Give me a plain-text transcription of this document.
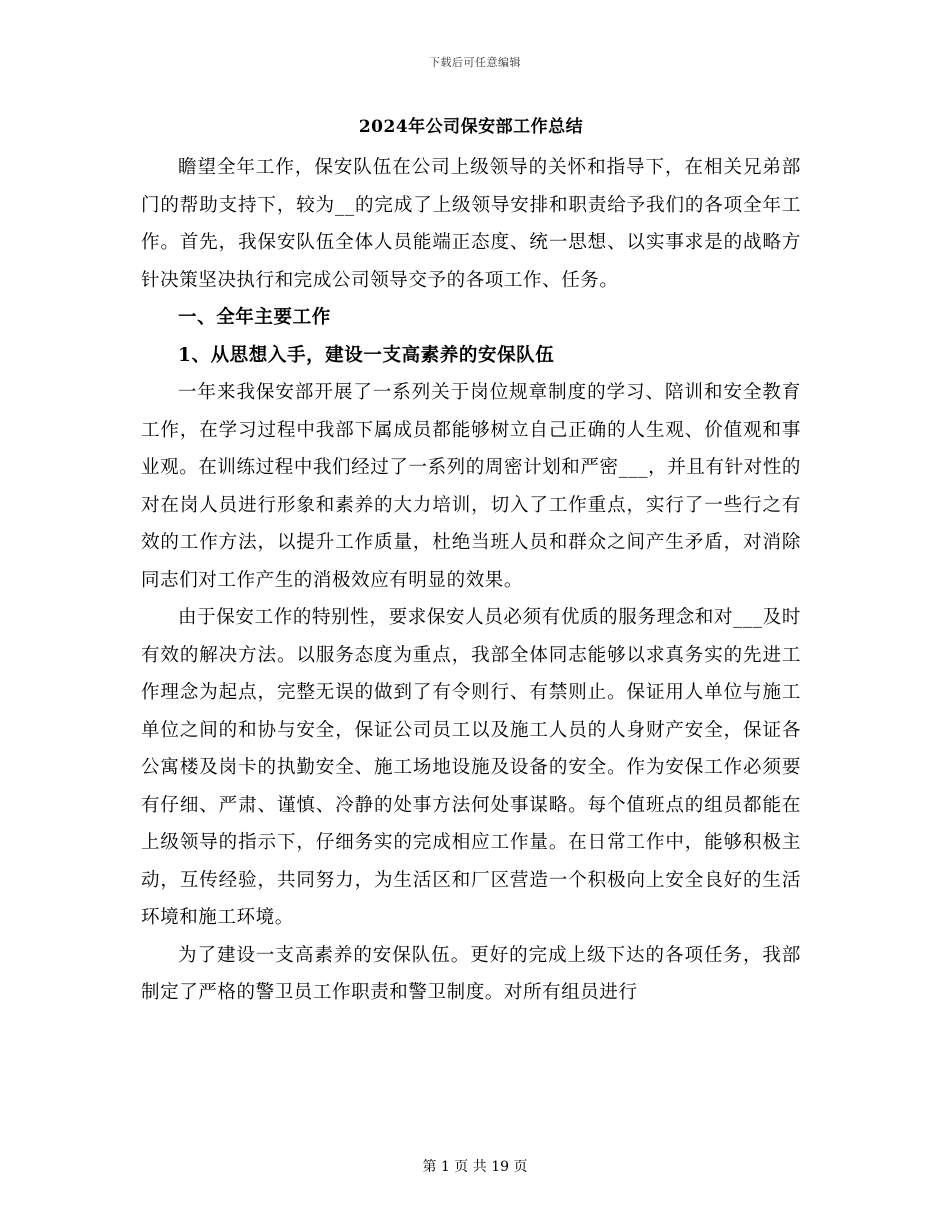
下载后可任意编辑
2024年公司保安部工作总结

瞻望全年工作，保安队伍在公司上级领导的关怀和指导下，在相关兄弟部门的帮助支持下，较为__的完成了上级领导安排和职责给予我们的各项全年工作。首先，我保安队伍全体人员能端正态度、统一思想、以实事求是的战略方针决策坚决执行和完成公司领导交予的各项工作、任务。

一、全年主要工作

1、从思想入手，建设一支高素养的安保队伍

一年来我保安部开展了一系列关于岗位规章制度的学习、陪训和安全教育工作，在学习过程中我部下属成员都能够树立自己正确的人生观、价值观和事业观。在训练过程中我们经过了一系列的周密计划和严密___，并且有针对性的对在岗人员进行形象和素养的大力培训，切入了工作重点，实行了一些行之有效的工作方法，以提升工作质量，杜绝当班人员和群众之间产生矛盾，对消除同志们对工作产生的消极效应有明显的效果。

由于保安工作的特别性，要求保安人员必须有优质的服务理念和对___及时有效的解决方法。以服务态度为重点，我部全体同志能够以求真务实的先进工作理念为起点，完整无误的做到了有令则行、有禁则止。保证用人单位与施工单位之间的和协与安全，保证公司员工以及施工人员的人身财产安全，保证各公寓楼及岗卡的执勤安全、施工场地设施及设备的安全。作为安保工作必须要有仔细、严肃、谨慎、冷静的处事方法何处事谋略。每个值班点的组员都能在上级领导的指示下，仔细务实的完成相应工作量。在日常工作中，能够积极主动，互传经验，共同努力，为生活区和厂区营造一个积极向上安全良好的生活环境和施工环境。

为了建设一支高素养的安保队伍。更好的完成上级下达的各项任务，我部制定了严格的警卫员工作职责和警卫制度。对所有组员进行

第 1 页 共 19 页
